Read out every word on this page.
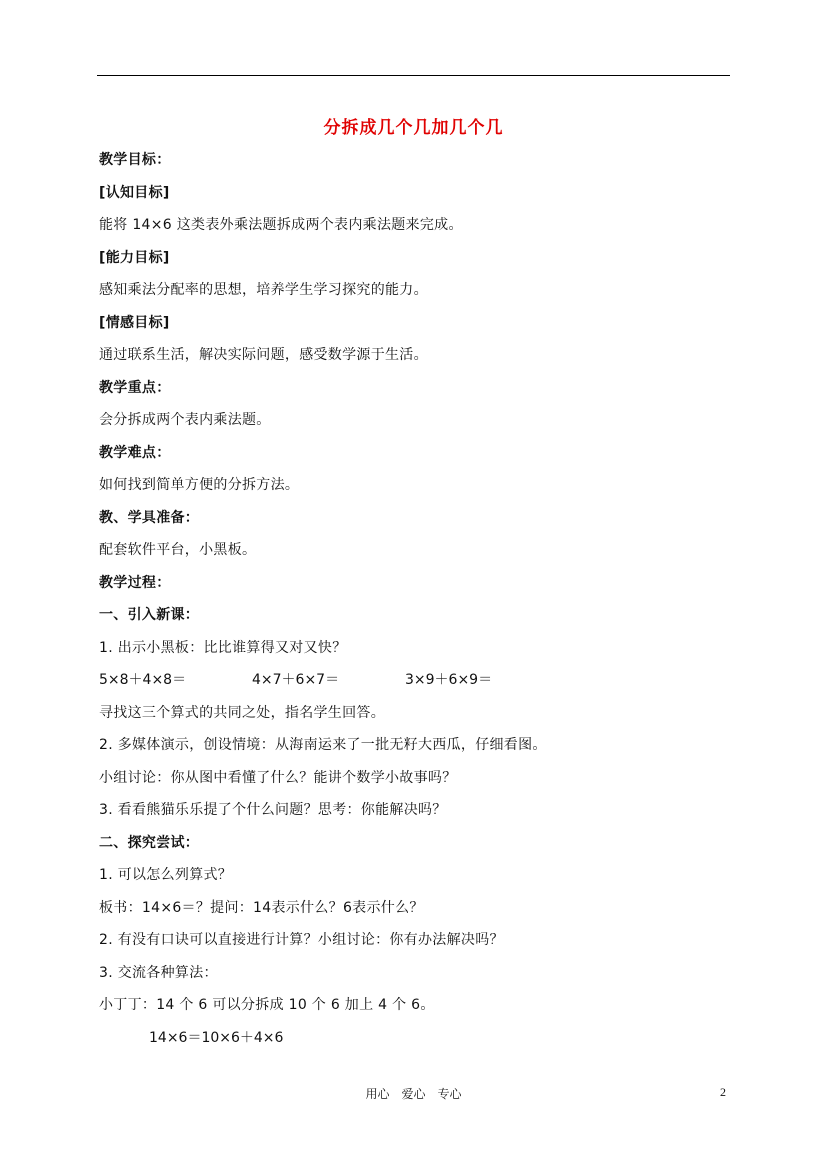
分拆成几个几加几个几
教学目标：
[认知目标]
能将 14×6 这类表外乘法题拆成两个表内乘法题来完成。
[能力目标]
感知乘法分配率的思想，培养学生学习探究的能力。
[情感目标]
通过联系生活，解决实际问题，感受数学源于生活。
教学重点：
会分拆成两个表内乘法题。
教学难点：
如何找到简单方便的分拆方法。
教、学具准备：
配套软件平台，小黑板。
教学过程：
一、引入新课：
1. 出示小黑板：比比谁算得又对又快？
5×8＋4×8＝	4×7＋6×7＝	3×9＋6×9＝
寻找这三个算式的共同之处，指名学生回答。
2. 多媒体演示，创设情境：从海南运来了一批无籽大西瓜，仔细看图。
小组讨论：你从图中看懂了什么？能讲个数学小故事吗？
3. 看看熊猫乐乐提了个什么问题？思考：你能解决吗？
二、探究尝试：
1. 可以怎么列算式？
板书：14×6＝？提问：14表示什么？6表示什么？
2. 有没有口诀可以直接进行计算？小组讨论：你有办法解决吗？
3. 交流各种算法：
小丁丁：14 个 6 可以分拆成 10 个 6 加上 4 个 6。
14×6＝10×6＋4×6
用心　爱心　专心	2
